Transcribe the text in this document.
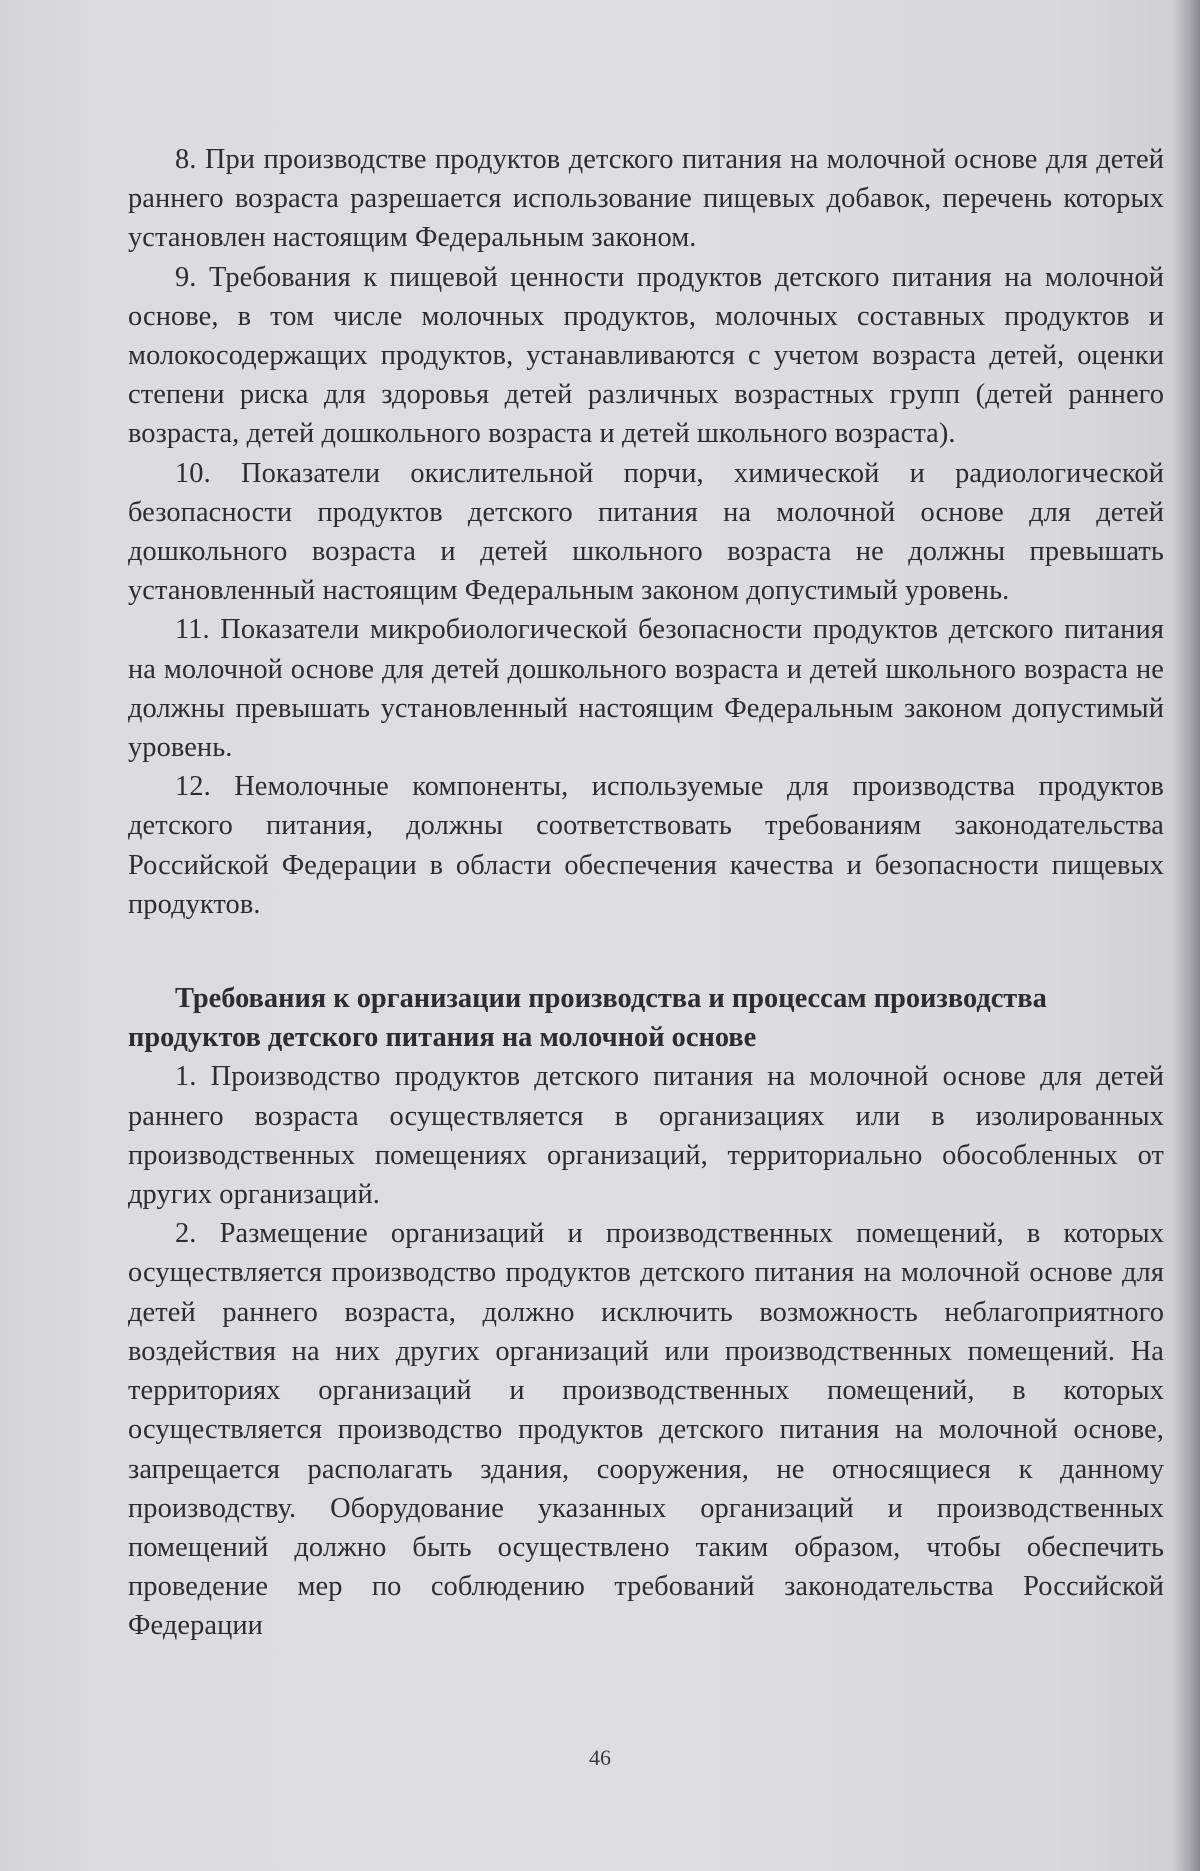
8. При производстве продуктов детского питания на молочной основе для детей раннего возраста разрешается использование пищевых добавок, перечень которых установлен настоящим Федеральным законом.

9. Требования к пищевой ценности продуктов детского питания на молочной основе, в том числе молочных продуктов, молочных составных продуктов и молокосодержащих продуктов, устанавливаются с учетом возраста детей, оценки степени риска для здоровья детей различных возрастных групп (детей раннего возраста, детей дошкольного возраста и детей школьного возраста).

10. Показатели окислительной порчи, химической и радиологической безопасности продуктов детского питания на молочной основе для детей дошкольного возраста и детей школьного возраста не должны превышать установленный настоящим Федеральным законом допустимый уровень.

11. Показатели микробиологической безопасности продуктов детского питания на молочной основе для детей дошкольного возраста и детей школьного возраста не должны превышать установленный настоящим Федеральным законом допустимый уровень.

12. Немолочные компоненты, используемые для производства продуктов детского питания, должны соответствовать требованиям законодательства Российской Федерации в области обеспечения качества и безопасности пищевых продуктов.

Требования к организации производства и процессам производства продуктов детского питания на молочной основе

1. Производство продуктов детского питания на молочной основе для детей раннего возраста осуществляется в организациях или в изолированных производственных помещениях организаций, территориально обособленных от других организаций.

2. Размещение организаций и производственных помещений, в которых осуществляется производство продуктов детского питания на молочной основе для детей раннего возраста, должно исключить возможность неблагоприятного воздействия на них других организаций или производственных помещений. На территориях организаций и производственных помещений, в которых осуществляется производство продуктов детского питания на молочной основе, запрещается располагать здания, сооружения, не относящиеся к данному производству. Оборудование указанных организаций и производственных помещений должно быть осуществлено таким образом, чтобы обеспечить проведение мер по соблюдению требований законодательства Российской Федерации

46
